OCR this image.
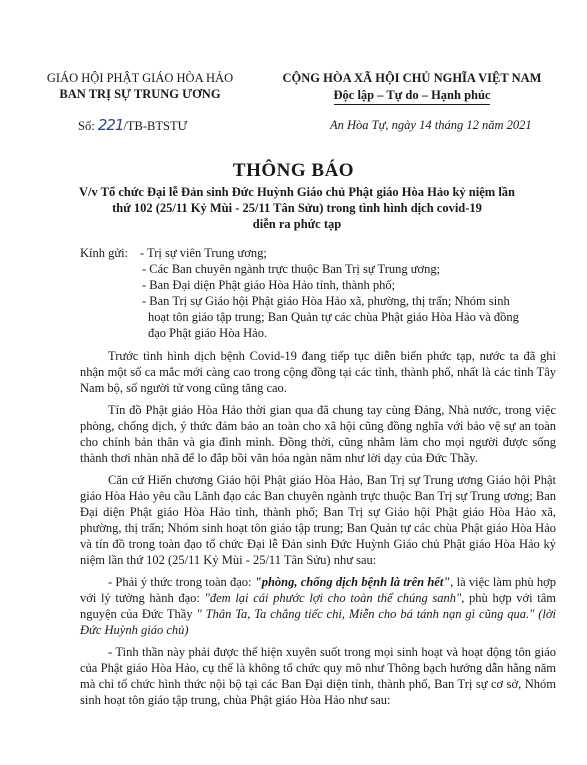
GIÁO HỘI PHẬT GIÁO HÒA HẢO
BAN TRỊ SỰ TRUNG ƯƠNG
CỘNG HÒA XÃ HỘI CHỦ NGHĨA VIỆT NAM
Độc lập – Tự do – Hạnh phúc
Số: 221/TB-BTSTƯ	An Hòa Tự, ngày 14 tháng 12 năm 2021
THÔNG BÁO
V/v Tổ chức Đại lễ Đản sinh Đức Huỳnh Giáo chủ Phật giáo Hòa Hảo kỷ niệm lần
thứ 102 (25/11 Kỷ Mùi - 25/11 Tân Sửu) trong tình hình dịch covid-19
diễn ra phức tạp
Kính gửi: - Trị sự viên Trung ương;
- Các Ban chuyên ngành trực thuộc Ban Trị sự Trung ương;
- Ban Đại diện Phật giáo Hòa Hảo tỉnh, thành phố;
- Ban Trị sự Giáo hội Phật giáo Hòa Hảo xã, phường, thị trấn; Nhóm sinh
hoạt tôn giáo tập trung; Ban Quản tự các chùa Phật giáo Hòa Hảo và đồng
đạo Phật giáo Hòa Hảo.

Trước tình hình dịch bệnh Covid-19 đang tiếp tục diễn biến phức tạp, nước ta đã ghi nhận một số ca mắc mới càng cao trong cộng đồng tại các tỉnh, thành phố, nhất là các tỉnh Tây Nam bộ, số người tử vong cũng tăng cao.

Tín đồ Phật giáo Hòa Hảo thời gian qua đã chung tay cùng Đảng, Nhà nước, trong việc phòng, chống dịch, ý thức đảm bảo an toàn cho xã hội cũng đồng nghĩa với bảo vệ sự an toàn cho chính bản thân và gia đình mình. Đồng thời, cũng nhằm làm cho mọi người được sống thành thơi nhàn nhã để lo đắp bồi văn hóa ngàn năm như lời dạy của Đức Thầy.

Căn cứ Hiến chương Giáo hội Phật giáo Hòa Hảo, Ban Trị sự Trung ương Giáo hội Phật giáo Hòa Hảo yêu cầu Lãnh đạo các Ban chuyên ngành trực thuộc Ban Trị sự Trung ương; Ban Đại diện Phật giáo Hòa Hảo tỉnh, thành phố; Ban Trị sự Giáo hội Phật giáo Hòa Hảo xã, phường, thị trấn; Nhóm sinh hoạt tôn giáo tập trung; Ban Quản tự các chùa Phật giáo Hòa Hảo và tín đồ trong toàn đạo tổ chức Đại lễ Đản sinh Đức Huỳnh Giáo chủ Phật giáo Hòa Hảo kỷ niệm lần thứ 102 (25/11 Kỷ Mùi - 25/11 Tân Sửu) như sau:

- Phải ý thức trong toàn đạo: "phòng, chống dịch bệnh là trên hết", là việc làm phù hợp với lý tưởng hành đạo: "đem lại cái phước lợi cho toàn thể chúng sanh", phù hợp với tâm nguyện của Đức Thầy " Thân Ta, Ta chẳng tiếc chi, Miễn cho bá tánh nạn gì cũng qua." (lời Đức Huỳnh giáo chủ)

- Tinh thần này phải được thể hiện xuyên suốt trong mọi sinh hoạt và hoạt động tôn giáo của Phật giáo Hòa Hảo, cụ thể là không tổ chức quy mô như Thông bạch hướng dẫn hằng năm mà chỉ tổ chức hình thức nội bộ tại các Ban Đại diện tỉnh, thành phố, Ban Trị sự cơ sở, Nhóm sinh hoạt tôn giáo tập trung, chùa Phật giáo Hòa Hảo như sau:
